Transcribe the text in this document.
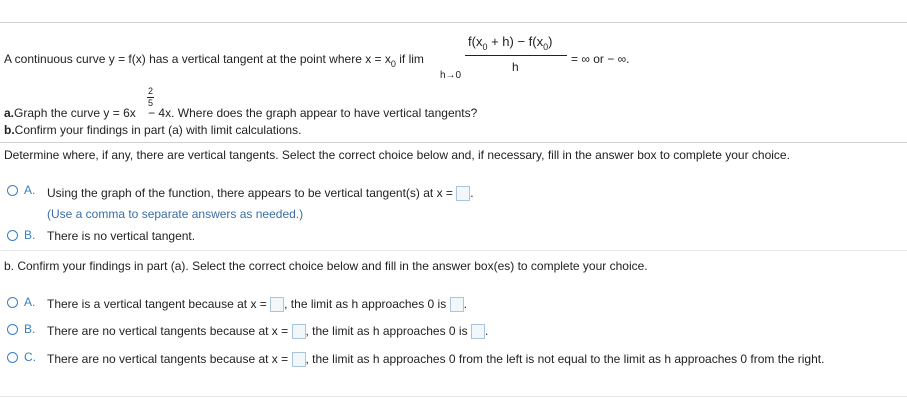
A continuous curve y = f(x) has a vertical tangent at the point where $x = x_0$ if lim
h→0
$f(x_0 + h) - f(x_0)$
h
= ∞ or − ∞.
2
5
a.Graph the curve y = 6x − 4x. Where does the graph appear to have vertical tangents?
b.Confirm your findings in part (a) with limit calculations.
Determine where, if any, there are vertical tangents. Select the correct choice below and, if necessary, fill in the answer box to complete your choice.
A. Using the graph of the function, there appears to be vertical tangent(s) at x = .
(Use a comma to separate answers as needed.)
B. There is no vertical tangent.
b. Confirm your findings in part (a). Select the correct choice below and fill in the answer box(es) to complete your choice.
A. There is a vertical tangent because at x = , the limit as h approaches 0 is .
B. There are no vertical tangents because at x = , the limit as h approaches 0 is .
C. There are no vertical tangents because at x = , the limit as h approaches 0 from the left is not equal to the limit as h approaches 0 from the right.
